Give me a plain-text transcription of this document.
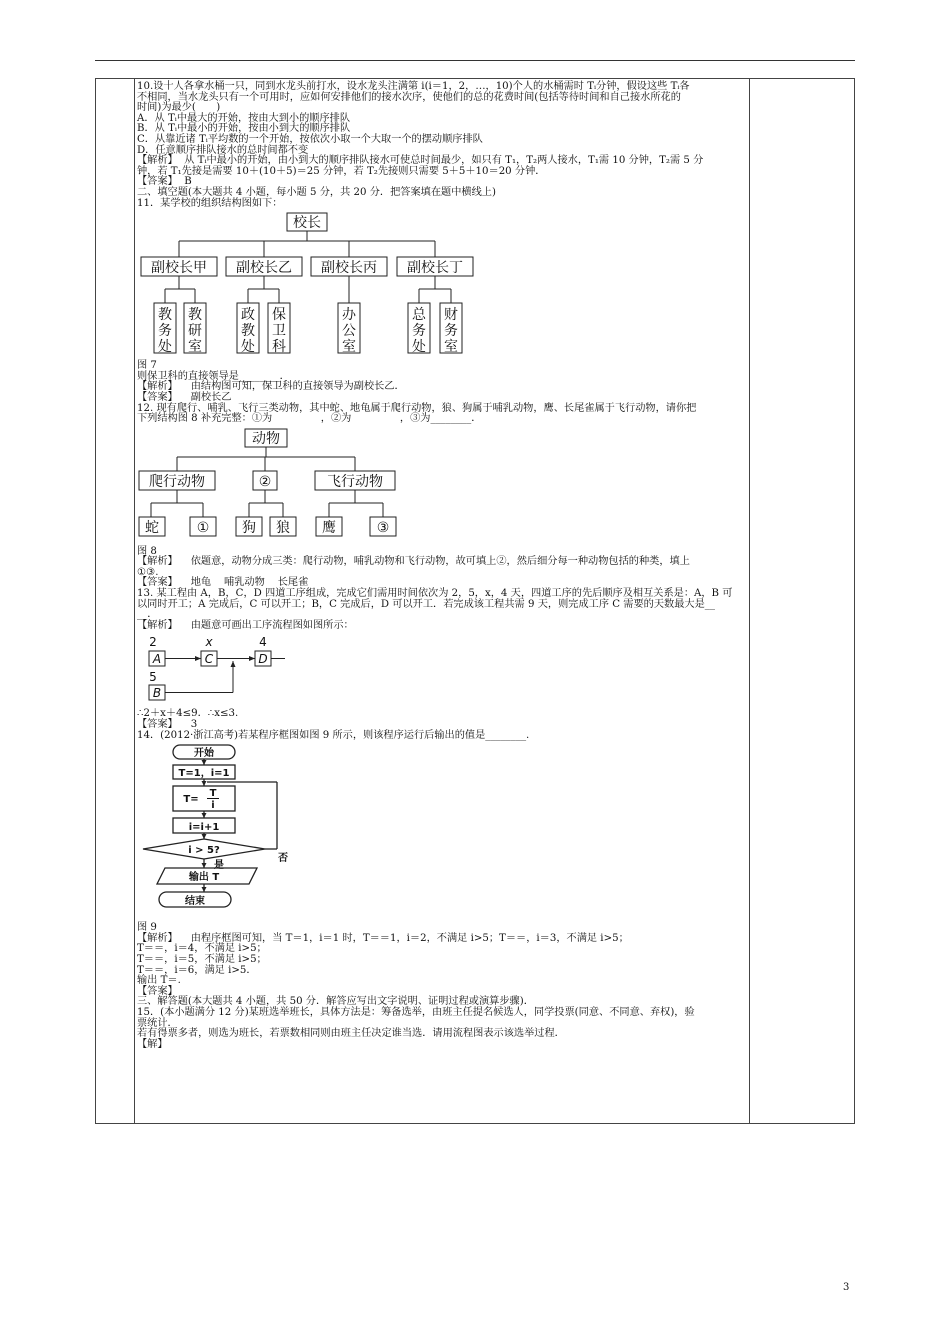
10.设十人各拿水桶一只，同到水龙头前打水，设水龙头注满第 i(i＝1，2，…，10)个人的水桶需时 Tᵢ分钟，假设这些 Tᵢ各

不相同，当水龙头只有一个可用时，应如何安排他们的接水次序，使他们的总的花费时间(包括等待时间和自己接水所花的

时间)为最少(　　)

A．从 Tᵢ中最大的开始，按由大到小的顺序排队

B．从 Tᵢ中最小的开始，按由小到大的顺序排队

C．从靠近诸 Tᵢ平均数的一个开始，按依次小取一个大取一个的摆动顺序排队

D．任意顺序排队接水的总时间都不变

【解析】  从 Tᵢ中最小的开始，由小到大的顺序排队接水可使总时间最少，如只有 T₁，T₂两人接水，T₁需 10 分钟，T₂需 5 分

钟，若 T₁先接是需要 10＋(10＋5)＝25 分钟，若 T₂先接则只需要 5＋5＋10＝20 分钟．

【答案】  B

二、填空题(本大题共 4 小题，每小题 5 分，共 20 分．把答案填在题中横线上)

11．某学校的组织结构图如下：

校长
副校长甲 副校长乙 副校长丙 副校长丁
教务处
教研室
政教处
保卫科
办公室
总务处
财务室

图 7

则保卫科的直接领导是________．

【解析】    由结构图可知，保卫科的直接领导为副校长乙．

【答案】    副校长乙

12. 现有爬行、哺乳、飞行三类动物，其中蛇、地龟属于爬行动物，狼、狗属于哺乳动物，鹰、长尾雀属于飞行动物，请你把

下列结构图 8 补充完整：①为               ，②为               ，③为________．

动物
爬行动物	②	飞行动物
蛇	① 狗 狼 鹰	③

图 8

【解析】    依题意，动物分成三类：爬行动物，哺乳动物和飞行动物，故可填上②，然后细分每一种动物包括的种类，填上

①③.

【答案】    地龟    哺乳动物    长尾雀

13. 某工程由 A，B，C，D 四道工序组成，完成它们需用时间依次为 2，5，x，4 天，四道工序的先后顺序及相互关系是：A，B 可

以同时开工；A 完成后，C 可以开工；B，C 完成后，D 可以开工．若完成该工程共需 9 天，则完成工序 C 需要的天数最大是__

__．

【解析】    由题意可画出工序流程图如图所示：

2	x	4
5
A	C	D
B

∴2＋x＋4≤9．∴x≤3.

【答案】    3

14．(2012·浙江高考)若某程序框图如图 9 所示，则该程序运行后输出的值是________.

开始
T=1，i=1
T=
T
i
i=i+1
i > 5?
否
是
输出 T
结束

图 9

【解析】    由程序框图可知，当 T＝1，i＝1 时，T＝＝1，i＝2，不满足 i>5；T＝＝，i＝3，不满足 i>5；

T＝＝，i＝4，不满足 i>5；

T＝＝，i＝5，不满足 i>5；

T＝＝，i＝6，满足 i>5．

输出 T＝.

【答案】

三、解答题(本大题共 4 小题，共 50 分．解答应写出文字说明、证明过程或演算步骤)．

15．(本小题满分 12 分)某班选举班长，具体方法是：筹备选举，由班主任提名候选人，同学投票(同意、不同意、弃权)，验

票统计．

若有得票多者，则选为班长，若票数相同则由班主任决定谁当选．请用流程图表示该选举过程．

【解】

3
